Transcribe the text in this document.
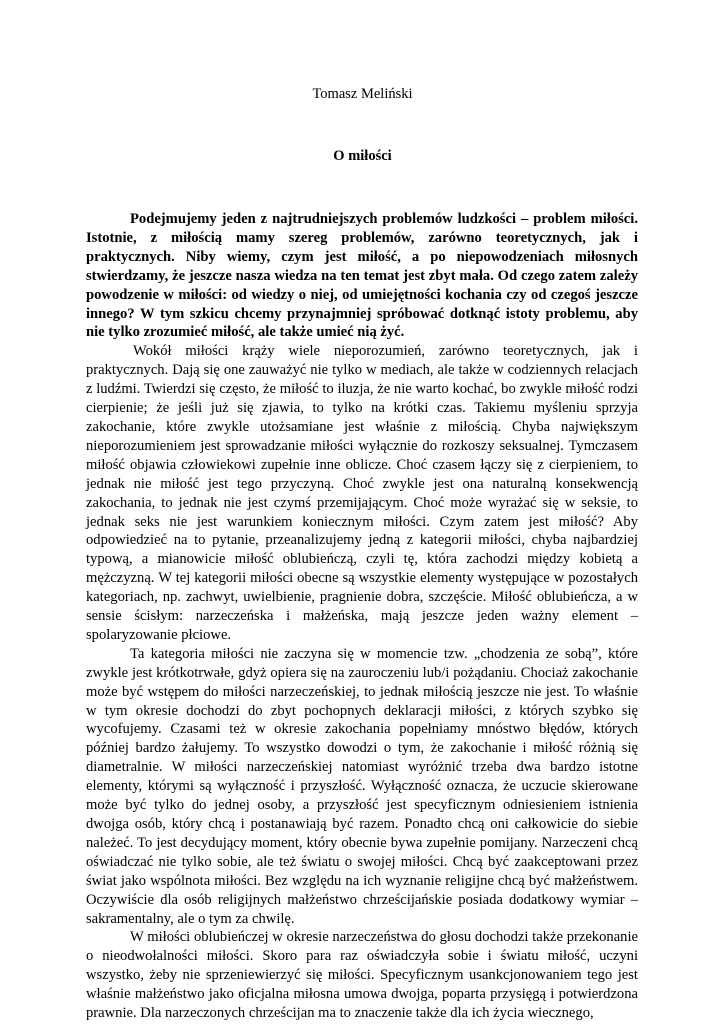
Tomasz Meliński
O miłości

Podejmujemy jeden z najtrudniejszych problemów ludzkości – problem miłości. Istotnie, z miłością mamy szereg problemów, zarówno teoretycznych, jak i praktycznych. Niby wiemy, czym jest miłość, a po niepowodzeniach miłosnych stwierdzamy, że jeszcze nasza wiedza na ten temat jest zbyt mała. Od czego zatem zależy powodzenie w miłości: od wiedzy o niej, od umiejętności kochania czy od czegoś jeszcze innego? W tym szkicu chcemy przynajmniej spróbować dotknąć istoty problemu, aby nie tylko zrozumieć miłość, ale także umieć nią żyć.

Wokół miłości krąży wiele nieporozumień, zarówno teoretycznych, jak i praktycznych. Dają się one zauważyć nie tylko w mediach, ale także w codziennych relacjach z ludźmi. Twierdzi się często, że miłość to iluzja, że nie warto kochać, bo zwykle miłość rodzi cierpienie; że jeśli już się zjawia, to tylko na krótki czas. Takiemu myśleniu sprzyja zakochanie, które zwykle utożsamiane jest właśnie z miłością. Chyba największym nieporozumieniem jest sprowadzanie miłości wyłącznie do rozkoszy seksualnej. Tymczasem miłość objawia człowiekowi zupełnie inne oblicze. Choć czasem łączy się z cierpieniem, to jednak nie miłość jest tego przyczyną. Choć zwykle jest ona naturalną konsekwencją zakochania, to jednak nie jest czymś przemijającym. Choć może wyrażać się w seksie, to jednak seks nie jest warunkiem koniecznym miłości. Czym zatem jest miłość? Aby odpowiedzieć na to pytanie, przeanalizujemy jedną z kategorii miłości, chyba najbardziej typową, a mianowicie miłość oblubieńczą, czyli tę, która zachodzi między kobietą a mężczyzną. W tej kategorii miłości obecne są wszystkie elementy występujące w pozostałych kategoriach, np. zachwyt, uwielbienie, pragnienie dobra, szczęście. Miłość oblubieńcza, a w sensie ścisłym: narzeczeńska i małżeńska, mają jeszcze jeden ważny element – spolaryzowanie płciowe.

Ta kategoria miłości nie zaczyna się w momencie tzw. „chodzenia ze sobą”, które zwykle jest krótkotrwałe, gdyż opiera się na zauroczeniu lub/i pożądaniu. Chociaż zakochanie może być wstępem do miłości narzeczeńskiej, to jednak miłością jeszcze nie jest. To właśnie w tym okresie dochodzi do zbyt pochopnych deklaracji miłości, z których szybko się wycofujemy. Czasami też w okresie zakochania popełniamy mnóstwo błędów, których później bardzo żałujemy. To wszystko dowodzi o tym, że zakochanie i miłość różnią się diametralnie. W miłości narzeczeńskiej natomiast wyróżnić trzeba dwa bardzo istotne elementy, którymi są wyłączność i przyszłość. Wyłączność oznacza, że uczucie skierowane może być tylko do jednej osoby, a przyszłość jest specyficznym odniesieniem istnienia dwojga osób, który chcą i postanawiają być razem. Ponadto chcą oni całkowicie do siebie należeć. To jest decydujący moment, który obecnie bywa zupełnie pomijany. Narzeczeni chcą oświadczać nie tylko sobie, ale też światu o swojej miłości. Chcą być zaakceptowani przez świat jako wspólnota miłości. Bez względu na ich wyznanie religijne chcą być małżeństwem. Oczywiście dla osób religijnych małżeństwo chrześcijańskie posiada dodatkowy wymiar – sakramentalny, ale o tym za chwilę.

W miłości oblubieńczej w okresie narzeczeństwa do głosu dochodzi także przekonanie o nieodwołalności miłości. Skoro para raz oświadczyła sobie i światu miłość, uczyni wszystko, żeby nie sprzeniewierzyć się miłości. Specyficznym usankcjonowaniem tego jest właśnie małżeństwo jako oficjalna miłosna umowa dwojga, poparta przysięgą i potwierdzona prawnie. Dla narzeczonych chrześcijan ma to znaczenie także dla ich życia wiecznego,
